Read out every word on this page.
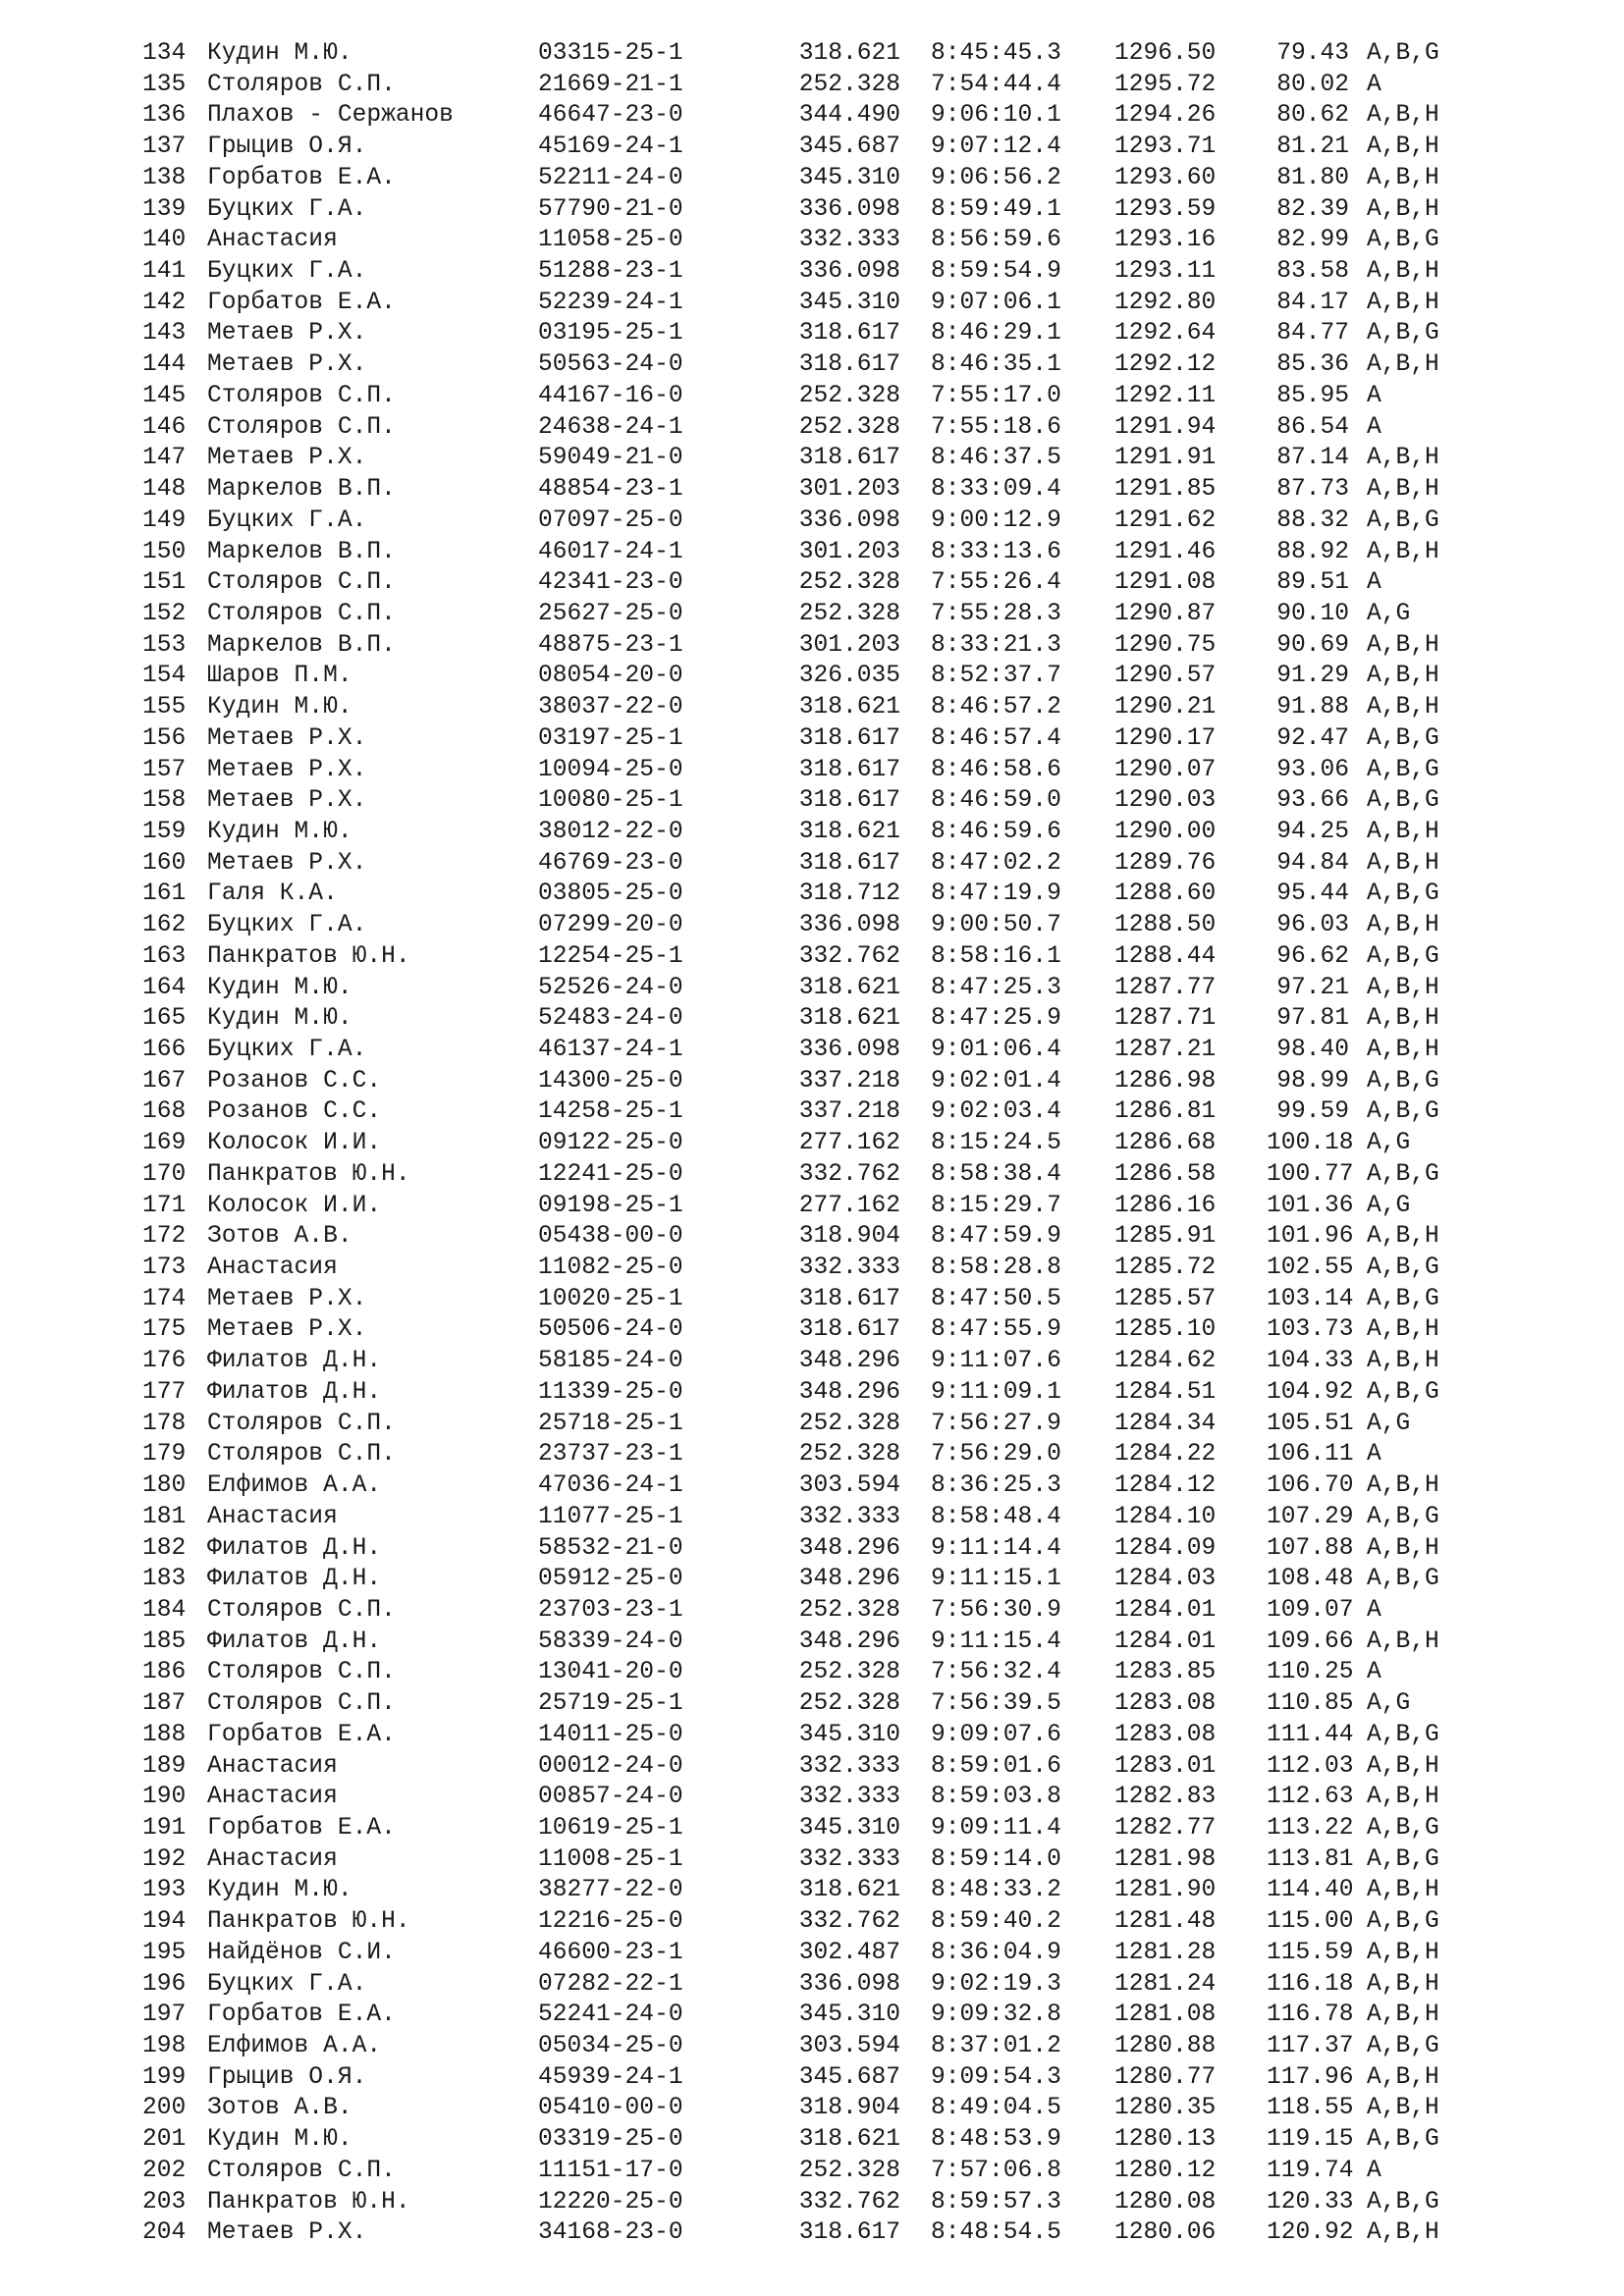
134 Кудин М.Ю.	03315-25-1	318.621 8:45:45.3 1296.50	79.43 A,B,G
135 Столяров С.П.	21669-21-1	252.328 7:54:44.4 1295.72	80.02 A
136 Плахов - Сержанов	46647-23-0	344.490 9:06:10.1 1294.26	80.62 A,B,H
137 Грыцив О.Я.	45169-24-1	345.687 9:07:12.4 1293.71	81.21 A,B,H
138 Горбатов Е.А.	52211-24-0	345.310 9:06:56.2 1293.60	81.80 A,B,H
139 Буцких Г.А.	57790-21-0	336.098 8:59:49.1 1293.59	82.39 A,B,H
140 Анастасия	11058-25-0	332.333 8:56:59.6 1293.16	82.99 A,B,G
141 Буцких Г.А.	51288-23-1	336.098 8:59:54.9 1293.11	83.58 A,B,H
142 Горбатов Е.А.	52239-24-1	345.310 9:07:06.1 1292.80	84.17 A,B,H
143 Метаев Р.Х.	03195-25-1	318.617 8:46:29.1 1292.64	84.77 A,B,G
144 Метаев Р.Х.	50563-24-0	318.617 8:46:35.1 1292.12	85.36 A,B,H
145 Столяров С.П.	44167-16-0	252.328 7:55:17.0 1292.11	85.95 A
146 Столяров С.П.	24638-24-1	252.328 7:55:18.6 1291.94	86.54 A
147 Метаев Р.Х.	59049-21-0	318.617 8:46:37.5 1291.91	87.14 A,B,H
148 Маркелов В.П.	48854-23-1	301.203 8:33:09.4 1291.85	87.73 A,B,H
149 Буцких Г.А.	07097-25-0	336.098 9:00:12.9 1291.62	88.32 A,B,G
150 Маркелов В.П.	46017-24-1	301.203 8:33:13.6 1291.46	88.92 A,B,H
151 Столяров С.П.	42341-23-0	252.328 7:55:26.4 1291.08	89.51 A
152 Столяров С.П.	25627-25-0	252.328 7:55:28.3 1290.87	90.10 A,G
153 Маркелов В.П.	48875-23-1	301.203 8:33:21.3 1290.75	90.69 A,B,H
154 Шаров П.М.	08054-20-0	326.035 8:52:37.7 1290.57	91.29 A,B,H
155 Кудин М.Ю.	38037-22-0	318.621 8:46:57.2 1290.21	91.88 A,B,H
156 Метаев Р.Х.	03197-25-1	318.617 8:46:57.4 1290.17	92.47 A,B,G
157 Метаев Р.Х.	10094-25-0	318.617 8:46:58.6 1290.07	93.06 A,B,G
158 Метаев Р.Х.	10080-25-1	318.617 8:46:59.0 1290.03	93.66 A,B,G
159 Кудин М.Ю.	38012-22-0	318.621 8:46:59.6 1290.00	94.25 A,B,H
160 Метаев Р.Х.	46769-23-0	318.617 8:47:02.2 1289.76	94.84 A,B,H
161 Галя К.А.	03805-25-0	318.712 8:47:19.9 1288.60	95.44 A,B,G
162 Буцких Г.А.	07299-20-0	336.098 9:00:50.7 1288.50	96.03 A,B,H
163 Панкратов Ю.Н.	12254-25-1	332.762 8:58:16.1 1288.44	96.62 A,B,G
164 Кудин М.Ю.	52526-24-0	318.621 8:47:25.3 1287.77	97.21 A,B,H
165 Кудин М.Ю.	52483-24-0	318.621 8:47:25.9 1287.71	97.81 A,B,H
166 Буцких Г.А.	46137-24-1	336.098 9:01:06.4 1287.21	98.40 A,B,H
167 Розанов С.С.	14300-25-0	337.218 9:02:01.4 1286.98	98.99 A,B,G
168 Розанов С.С.	14258-25-1	337.218 9:02:03.4 1286.81	99.59 A,B,G
169 Колосок И.И.	09122-25-0	277.162 8:15:24.5 1286.68 100.18 A,G
170 Панкратов Ю.Н.	12241-25-0	332.762 8:58:38.4 1286.58 100.77 A,B,G
171 Колосок И.И.	09198-25-1	277.162 8:15:29.7 1286.16 101.36 A,G
172 Зотов А.В.	05438-00-0	318.904 8:47:59.9 1285.91 101.96 A,B,H
173 Анастасия	11082-25-0	332.333 8:58:28.8 1285.72 102.55 A,B,G
174 Метаев Р.Х.	10020-25-1	318.617 8:47:50.5 1285.57 103.14 A,B,G
175 Метаев Р.Х.	50506-24-0	318.617 8:47:55.9 1285.10 103.73 A,B,H
176 Филатов Д.Н.	58185-24-0	348.296 9:11:07.6 1284.62 104.33 A,B,H
177 Филатов Д.Н.	11339-25-0	348.296 9:11:09.1 1284.51 104.92 A,B,G
178 Столяров С.П.	25718-25-1	252.328 7:56:27.9 1284.34 105.51 A,G
179 Столяров С.П.	23737-23-1	252.328 7:56:29.0 1284.22 106.11 A
180 Елфимов А.А.	47036-24-1	303.594 8:36:25.3 1284.12 106.70 A,B,H
181 Анастасия	11077-25-1	332.333 8:58:48.4 1284.10 107.29 A,B,G
182 Филатов Д.Н.	58532-21-0	348.296 9:11:14.4 1284.09 107.88 A,B,H
183 Филатов Д.Н.	05912-25-0	348.296 9:11:15.1 1284.03 108.48 A,B,G
184 Столяров С.П.	23703-23-1	252.328 7:56:30.9 1284.01 109.07 A
185 Филатов Д.Н.	58339-24-0	348.296 9:11:15.4 1284.01 109.66 A,B,H
186 Столяров С.П.	13041-20-0	252.328 7:56:32.4 1283.85 110.25 A
187 Столяров С.П.	25719-25-1	252.328 7:56:39.5 1283.08 110.85 A,G
188 Горбатов Е.А.	14011-25-0	345.310 9:09:07.6 1283.08 111.44 A,B,G
189 Анастасия	00012-24-0	332.333 8:59:01.6 1283.01 112.03 A,B,H
190 Анастасия	00857-24-0	332.333 8:59:03.8 1282.83 112.63 A,B,H
191 Горбатов Е.А.	10619-25-1	345.310 9:09:11.4 1282.77 113.22 A,B,G
192 Анастасия	11008-25-1	332.333 8:59:14.0 1281.98 113.81 A,B,G
193 Кудин М.Ю.	38277-22-0	318.621 8:48:33.2 1281.90 114.40 A,B,H
194 Панкратов Ю.Н.	12216-25-0	332.762 8:59:40.2 1281.48 115.00 A,B,G
195 Найдёнов С.И.	46600-23-1	302.487 8:36:04.9 1281.28 115.59 A,B,H
196 Буцких Г.А.	07282-22-1	336.098 9:02:19.3 1281.24 116.18 A,B,H
197 Горбатов Е.А.	52241-24-0	345.310 9:09:32.8 1281.08 116.78 A,B,H
198 Елфимов А.А.	05034-25-0	303.594 8:37:01.2 1280.88 117.37 A,B,G
199 Грыцив О.Я.	45939-24-1	345.687 9:09:54.3 1280.77 117.96 A,B,H
200 Зотов А.В.	05410-00-0	318.904 8:49:04.5 1280.35 118.55 A,B,H
201 Кудин М.Ю.	03319-25-0	318.621 8:48:53.9 1280.13 119.15 A,B,G
202 Столяров С.П.	11151-17-0	252.328 7:57:06.8 1280.12 119.74 A
203 Панкратов Ю.Н.	12220-25-0	332.762 8:59:57.3 1280.08 120.33 A,B,G
204 Метаев Р.Х.	34168-23-0	318.617 8:48:54.5 1280.06 120.92 A,B,H
